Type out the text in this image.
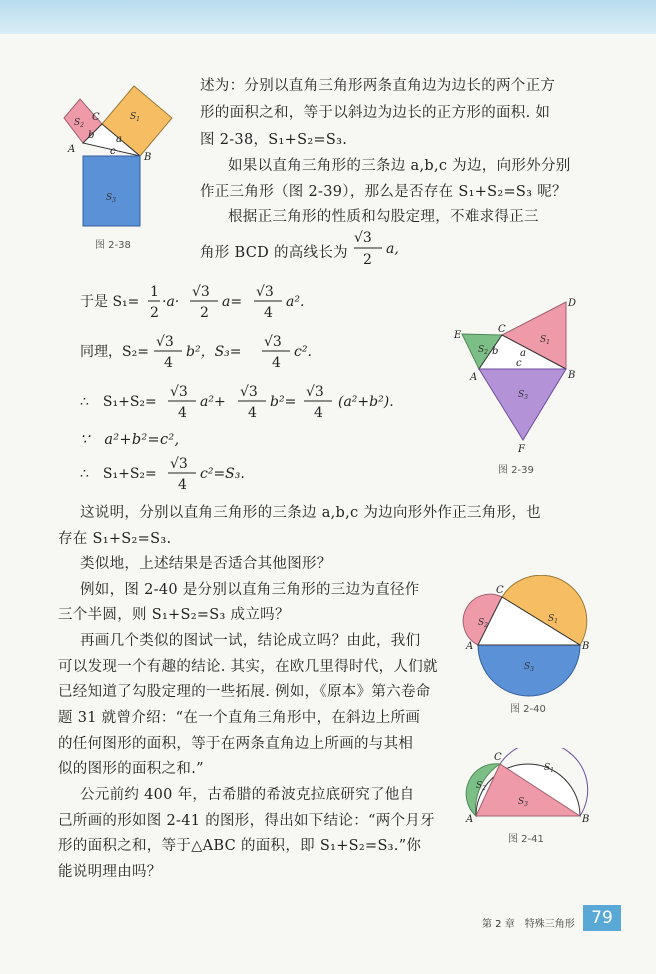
$S_1$
$S_2$
$S_3$
A
B
C
a
b
c
图 2-38
述为：分别以直角三角形两条直角边为边长的两个正方
形的面积之和，等于以斜边为边长的正方形的面积. 如
图 2-38，S₁+S₂=S₃.
如果以直角三角形的三条边 a,b,c 为边，向形外分别
作正三角形（图 2-39），那么是否存在 S₁+S₂=S₃ 呢？
根据正三角形的性质和勾股定理，不难求得正三
角形 BCD 的高线长为
√3
2
a,
于是 S₁=
1
2
·a·
√3
2
a=
√3
4
a².
同理，S₂=
√3
4
b²，S₃=
√3
4
c².
∴　S₁+S₂=
√3
4
a²+
√3
4
b²=
√3
4
(a²+b²).
∵　a²+b²=c²,
∴　S₁+S₂=
√3
4
c²=S₃.
$S_1$
$S_2$
$S_3$
D
E
F
A	B
C
a
b
c
图 2-39
这说明，分别以直角三角形的三条边 a,b,c 为边向形外作正三角形，也
存在 S₁+S₂=S₃.
类似地，上述结果是否适合其他图形？
例如，图 2-40 是分别以直角三角形的三边为直径作
三个半圆，则 S₁+S₂=S₃ 成立吗？
再画几个类似的图试一试，结论成立吗？由此，我们
可以发现一个有趣的结论. 其实，在欧几里得时代，人们就
已经知道了勾股定理的一些拓展. 例如，《原本》第六卷命
题 31 就曾介绍：“在一个直角三角形中，在斜边上所画
的任何图形的面积，等于在两条直角边上所画的与其相
似的图形的面积之和.”
公元前约 400 年，古希腊的希波克拉底研究了他自
己所画的形如图 2-41 的图形，得出如下结论：“两个月牙
形的面积之和，等于△ABC 的面积，即 S₁+S₂=S₃.”你
能说明理由吗？
$S_1$
$S_2$
$S_3$
A	B
C
图 2-40
$S_1$
$S_2$
$S_3$
A	B
C
图 2-41
第 2 章　特殊三角形 79
